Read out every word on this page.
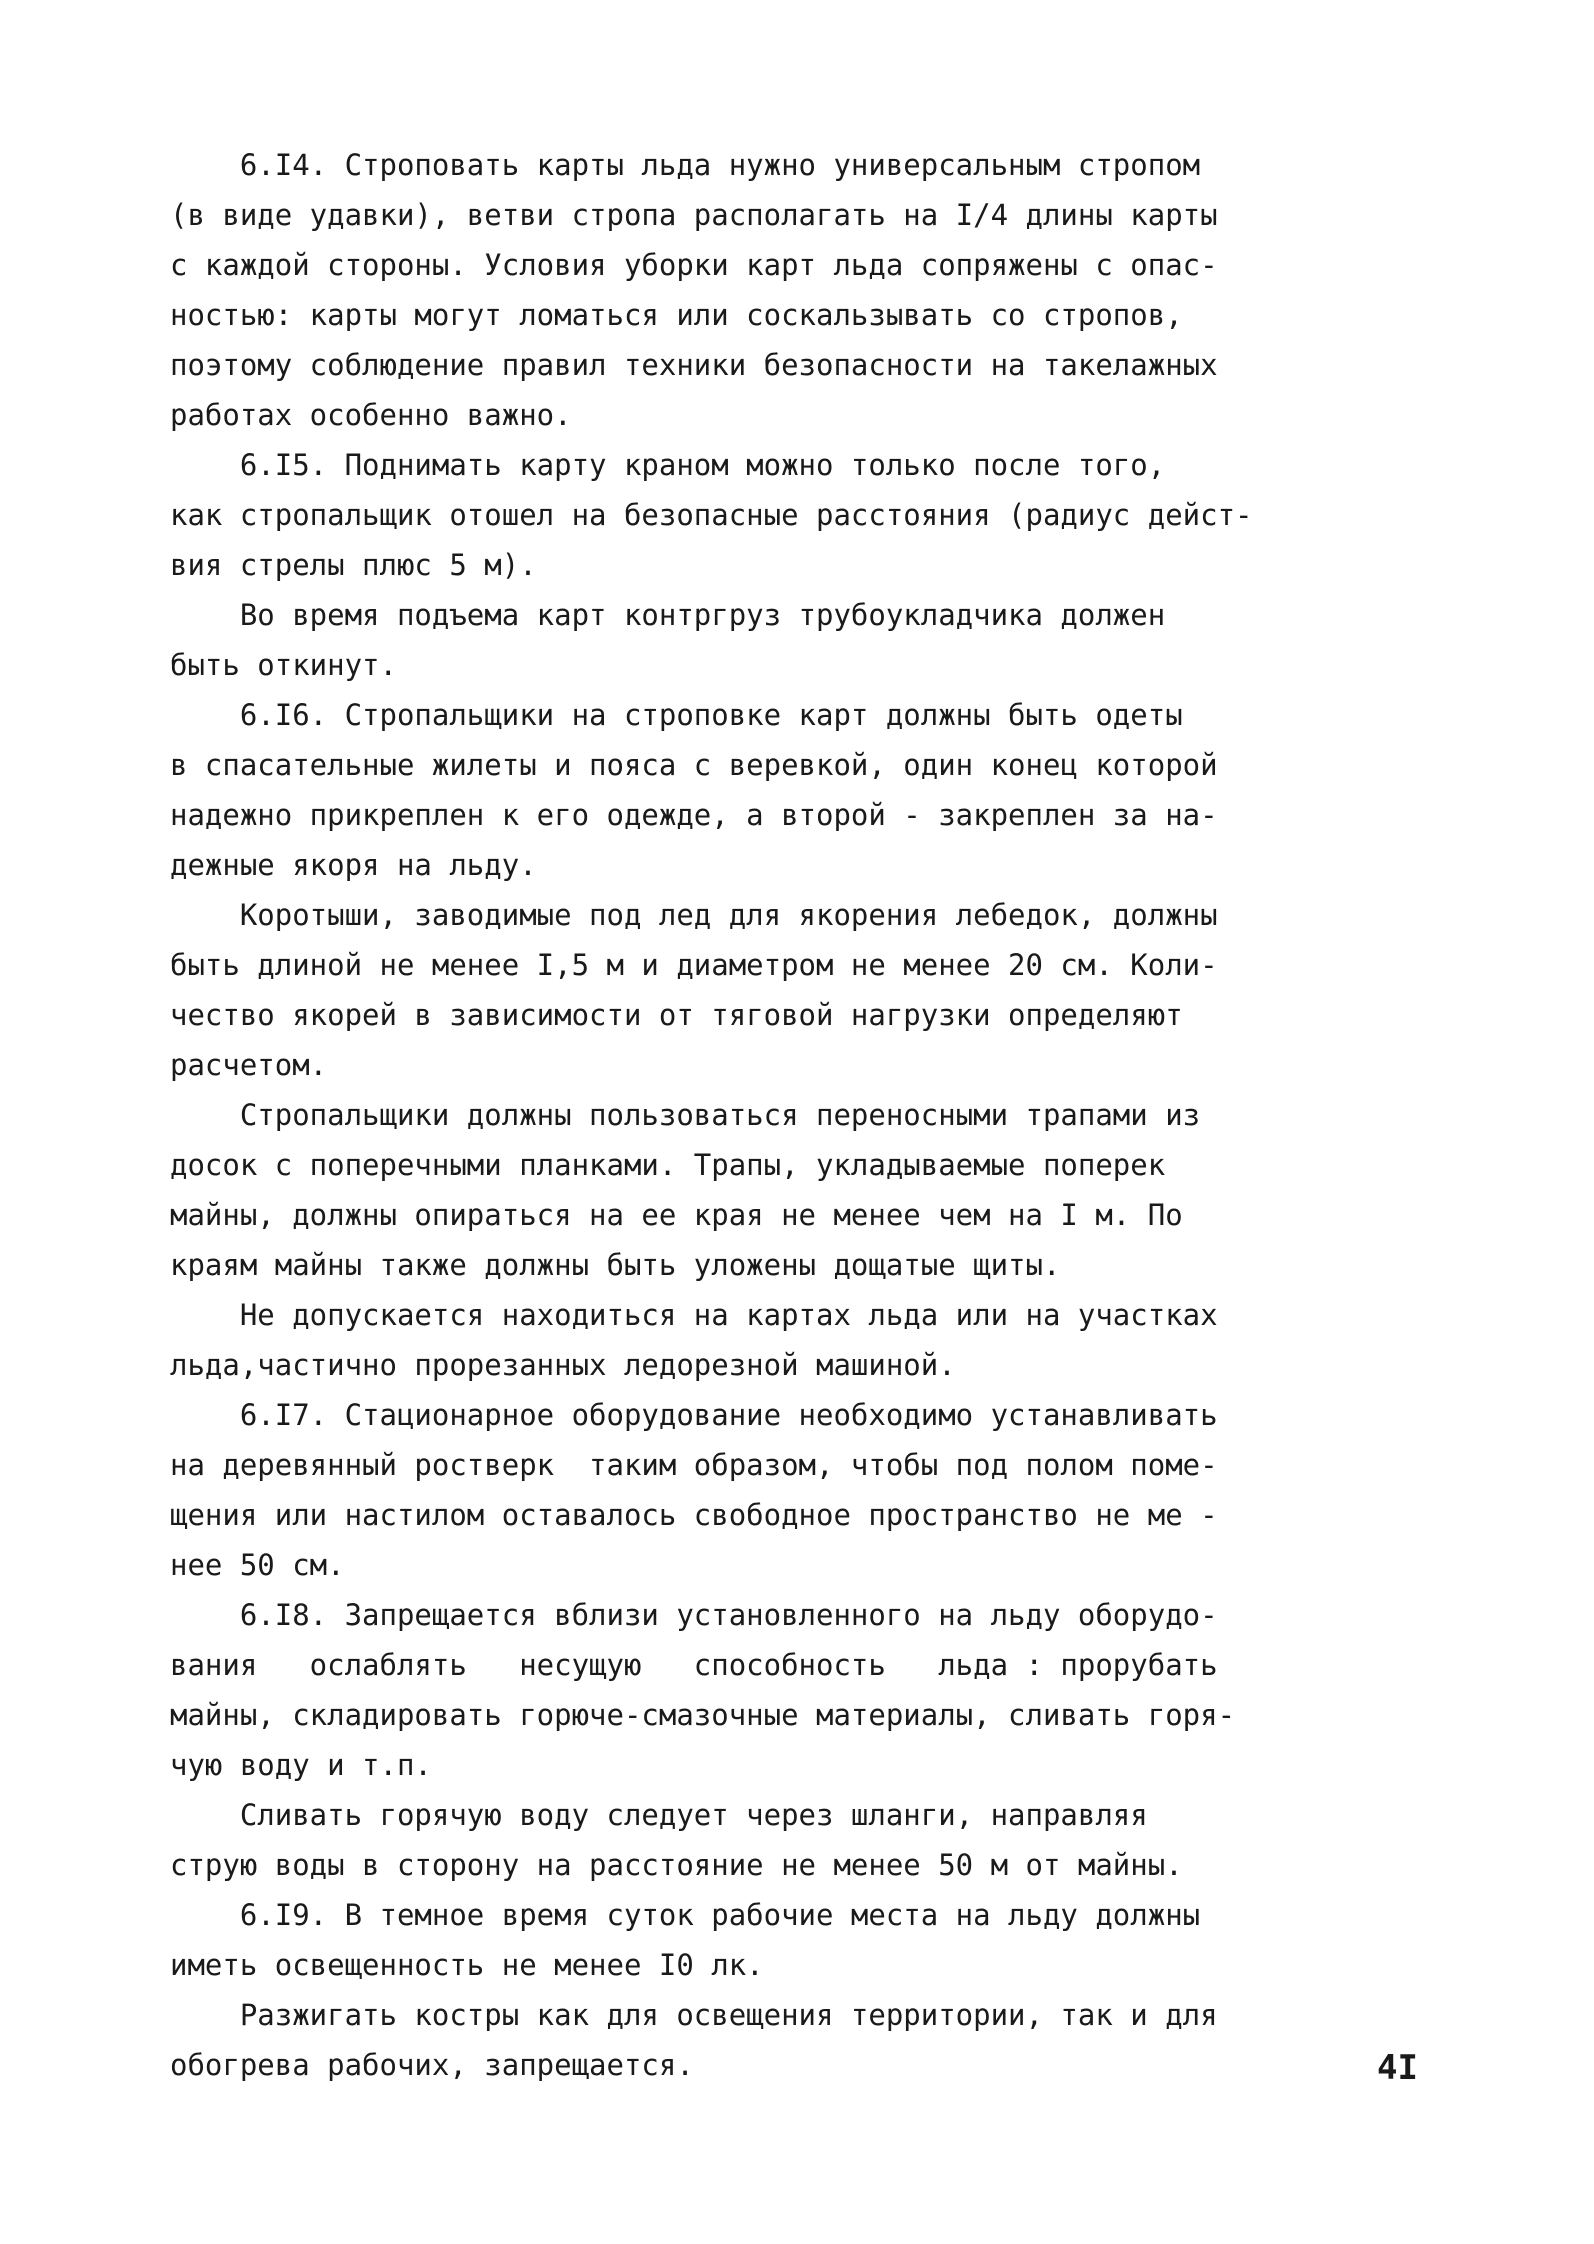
6.I4. Строповать карты льда нужно универсальным стропом
(в виде удавки), ветви стропа располагать на I/4 длины карты
с каждой стороны. Условия уборки карт льда сопряжены с опас-
ностью: карты могут ломаться или соскальзывать со стропов,
поэтому соблюдение правил техники безопасности на такелажных
работах особенно важно.
6.I5. Поднимать карту краном можно только после того,
как стропальщик отошел на безопасные расстояния (радиус дейст-
вия стрелы плюс 5 м).
Во время подъема карт контргруз трубоукладчика должен
быть откинут.
6.I6. Стропальщики на строповке карт должны быть одеты
в спасательные жилеты и пояса с веревкой, один конец которой
надежно прикреплен к его одежде, а второй - закреплен за на-
дежные якоря на льду.
Коротыши, заводимые под лед для якорения лебедок, должны
быть длиной не менее I,5 м и диаметром не менее 20 см. Коли-
чество якорей в зависимости от тяговой нагрузки определяют
расчетом.
Стропальщики должны пользоваться переносными трапами из
досок с поперечными планками. Трапы, укладываемые поперек
майны, должны опираться на ее края не менее чем на I м. По
краям майны также должны быть уложены дощатые щиты.
Не допускается находиться на картах льда или на участках
льда,частично прорезанных ледорезной машиной.
6.I7. Стационарное оборудование необходимо устанавливать
на деревянный ростверк  таким образом, чтобы под полом поме-
щения или настилом оставалось свободное пространство не ме -
нее 50 см.
6.I8. Запрещается вблизи установленного на льду оборудо-
вания   ослаблять   несущую   способность   льда : прорубать
майны, складировать горюче-смазочные материалы, сливать горя-
чую воду и т.п.
Сливать горячую воду следует через шланги, направляя
струю воды в сторону на расстояние не менее 50 м от майны.
6.I9. В темное время суток рабочие места на льду должны
иметь освещенность не менее I0 лк.
Разжигать костры как для освещения территории, так и для
обогрева рабочих, запрещается.	4I
